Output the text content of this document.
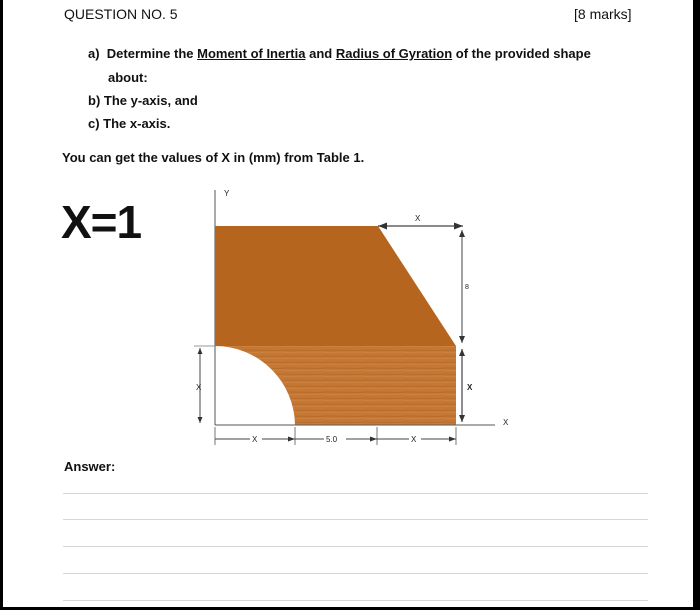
QUESTION NO. 5	[8 marks]
a) Determine the Moment of Inertia and Radius of Gyration of the provided shape
about:
b) The y-axis, and
c) The x-axis.
You can get the values of X in (mm) from Table 1.
X=1
Y
X
X
8
X
X
X	5.0	X
Answer:
